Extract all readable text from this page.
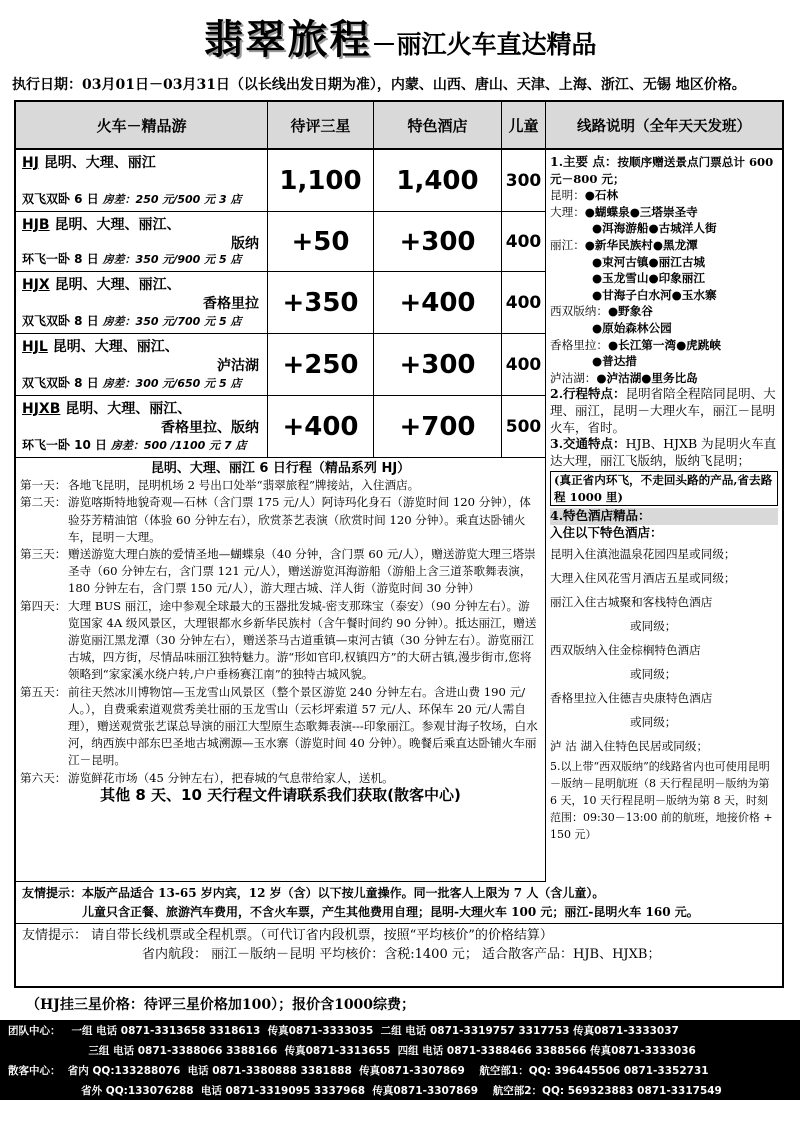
翡翠旅程－丽江火车直达精品
执行日期：03月01日－03月31日（以长线出发日期为准），内蒙、山西、唐山、天津、上海、浙江、无锡 地区价格。
火车－精品游	待评三星	特色酒店	儿童	线路说明（全年天天发班）
HJ 昆明、大理、丽江
双飞双卧 6 日 房差：250 元/500 元 3 店
1,100	1,400	300
HJB 昆明、大理、丽江、
版纳
环飞一卧 8 日 房差：350 元/900 元 5 店
+50	+300	400
HJX 昆明、大理、丽江、
香格里拉
双飞双卧 8 日 房差：350 元/700 元 5 店
+350	+400	400
HJL 昆明、大理、丽江、
泸沽湖
双飞双卧 8 日 房差：300 元/650 元 5 店
+250	+300	400
HJXB 昆明、大理、丽江、
香格里拉、版纳
环飞一卧 10 日 房差：500 /1100 元 7 店
+400	+700	500
昆明、大理、丽江 6 日行程（精品系列 HJ）
第一天： 各地飞昆明，昆明机场 2 号出口处举“翡翠旅程”牌接站，入住酒店。
第二天： 游览喀斯特地貌奇观—石林（含门票 175 元/人）阿诗玛化身石（游览时间 120 分钟），体验芬芳精油馆（体验 60 分钟左右），欣赏茶艺表演（欣赏时间 120 分钟）。乘直达卧铺火车，昆明－大理。
第三天： 赠送游览大理白族的爱情圣地—蝴蝶泉（40 分钟，含门票 60 元/人），赠送游览大理三塔崇圣寺（60 分钟左右，含门票 121 元/人），赠送游览洱海游船（游船上含三道茶歌舞表演，180 分钟左右，含门票 150 元/人），游大理古城、洋人街（游览时间 30 分钟）
第四天： 大理 BUS 丽江，途中参观全球最大的玉器批发城-密支那珠宝（泰安）（90 分钟左右）。游览国家 4A 级风景区，大理银都水乡新华民族村（含午餐时间约 90 分钟）。抵达丽江，赠送游览丽江黑龙潭（30 分钟左右），赠送茶马古道重镇—束河古镇（30 分钟左右）。游览丽江古城，四方街，尽情品味丽江独特魅力。游“形如官印,权镇四方”的大研古镇,漫步街市,您将领略到“家家溪水绕户转,户户垂杨赛江南”的独特古城风貌。
第五天： 前往天然冰川博物馆—玉龙雪山风景区（整个景区游览 240 分钟左右。含进山费 190 元/人。），自费乘索道观赏秀美壮丽的玉龙雪山（云杉坪索道 57 元/人、环保车 20 元/人需自理），赠送观赏张艺谋总导演的丽江大型原生态歌舞表演---印象丽江。参观甘海子牧场，白水河，纳西族中部东巴圣地古城溯源—玉水寨（游览时间 40 分钟）。晚餐后乘直达卧铺火车丽江－昆明。
第六天： 游览鲜花市场（45 分钟左右），把春城的气息带给家人，送机。
其他 8 天、10 天行程文件请联系我们获取(散客中心)
1.主要 点：按顺序赠送景点门票总计 600 元－800 元；
昆明：●石林
大理：●蝴蝶泉●三塔崇圣寺
●洱海游船●古城洋人街
丽江：●新华民族村●黑龙潭
●束河古镇●丽江古城
●玉龙雪山●印象丽江
●甘海子白水河●玉水寨
西双版纳：●野象谷
●原始森林公园
香格里拉：●长江第一湾●虎跳峡
●普达措
泸沽湖：●泸沽湖●里务比岛
2.行程特点：昆明省陪全程陪同昆明、大理、丽江，昆明－大理火车，丽江－昆明火车，省时。
3.交通特点：HJB、HJXB 为昆明火车直达大理，丽江飞版纳，版纳飞昆明；
(真正省内环飞，不走回头路的产品,省去路程 1000 里)
4.特色酒店精品：
入住以下特色酒店：
昆明入住滇池温泉花园四星或同级；
大理入住风花雪月酒店五星或同级；
丽江入住古城聚和客栈特色酒店
或同级；
西双版纳入住金棕榈特色酒店
或同级；
香格里拉入住德吉央康特色酒店
或同级；
泸 沽 湖入住特色民居或同级；
5.以上带“西双版纳”的线路省内也可使用昆明－版纳－昆明航班（8 天行程昆明－版纳为第 6 天，10 天行程昆明－版纳为第 8 天，时刻范围：09:30－13:00 前的航班，地接价格 + 150 元）
友情提示：本版产品适合 13-65 岁内宾，12 岁（含）以下按儿童操作。同一批客人上限为 7 人（含儿童）。
儿童只含正餐、旅游汽车费用，不含火车票，产生其他费用自理；昆明-大理火车 100 元；丽江-昆明火车 160 元。
友情提示： 请自带长线机票或全程机票。（可代订省内段机票，按照“平均核价”的价格结算）
省内航段： 丽江－版纳－昆明 平均核价：含税:1400 元； 适合散客产品：HJB、HJXB；
（HJ挂三星价格：待评三星价格加100）；报价含1000综费；
团队中心：   一组 电话 0871-3313658 3318613  传真0871-3333035  二组 电话 0871-3319757 3317753 传真0871-3333037
三组 电话 0871-3388066 3388166  传真0871-3313655  四组 电话 0871-3388466 3388566 传真0871-3333036
散客中心：  省内 QQ:133288076  电话 0871-3380888 3381888  传真0871-3307869    航空部1：QQ: 396445506 0871-3352731
省外 QQ:133076288  电话 0871-3319095 3337968  传真0871-3307869    航空部2：QQ: 569323883 0871-3317549
地址：  昆明市环城南路108号东来大厦17楼  云南翡翠旅行社有限公司  许可证号：L-YN-00038
